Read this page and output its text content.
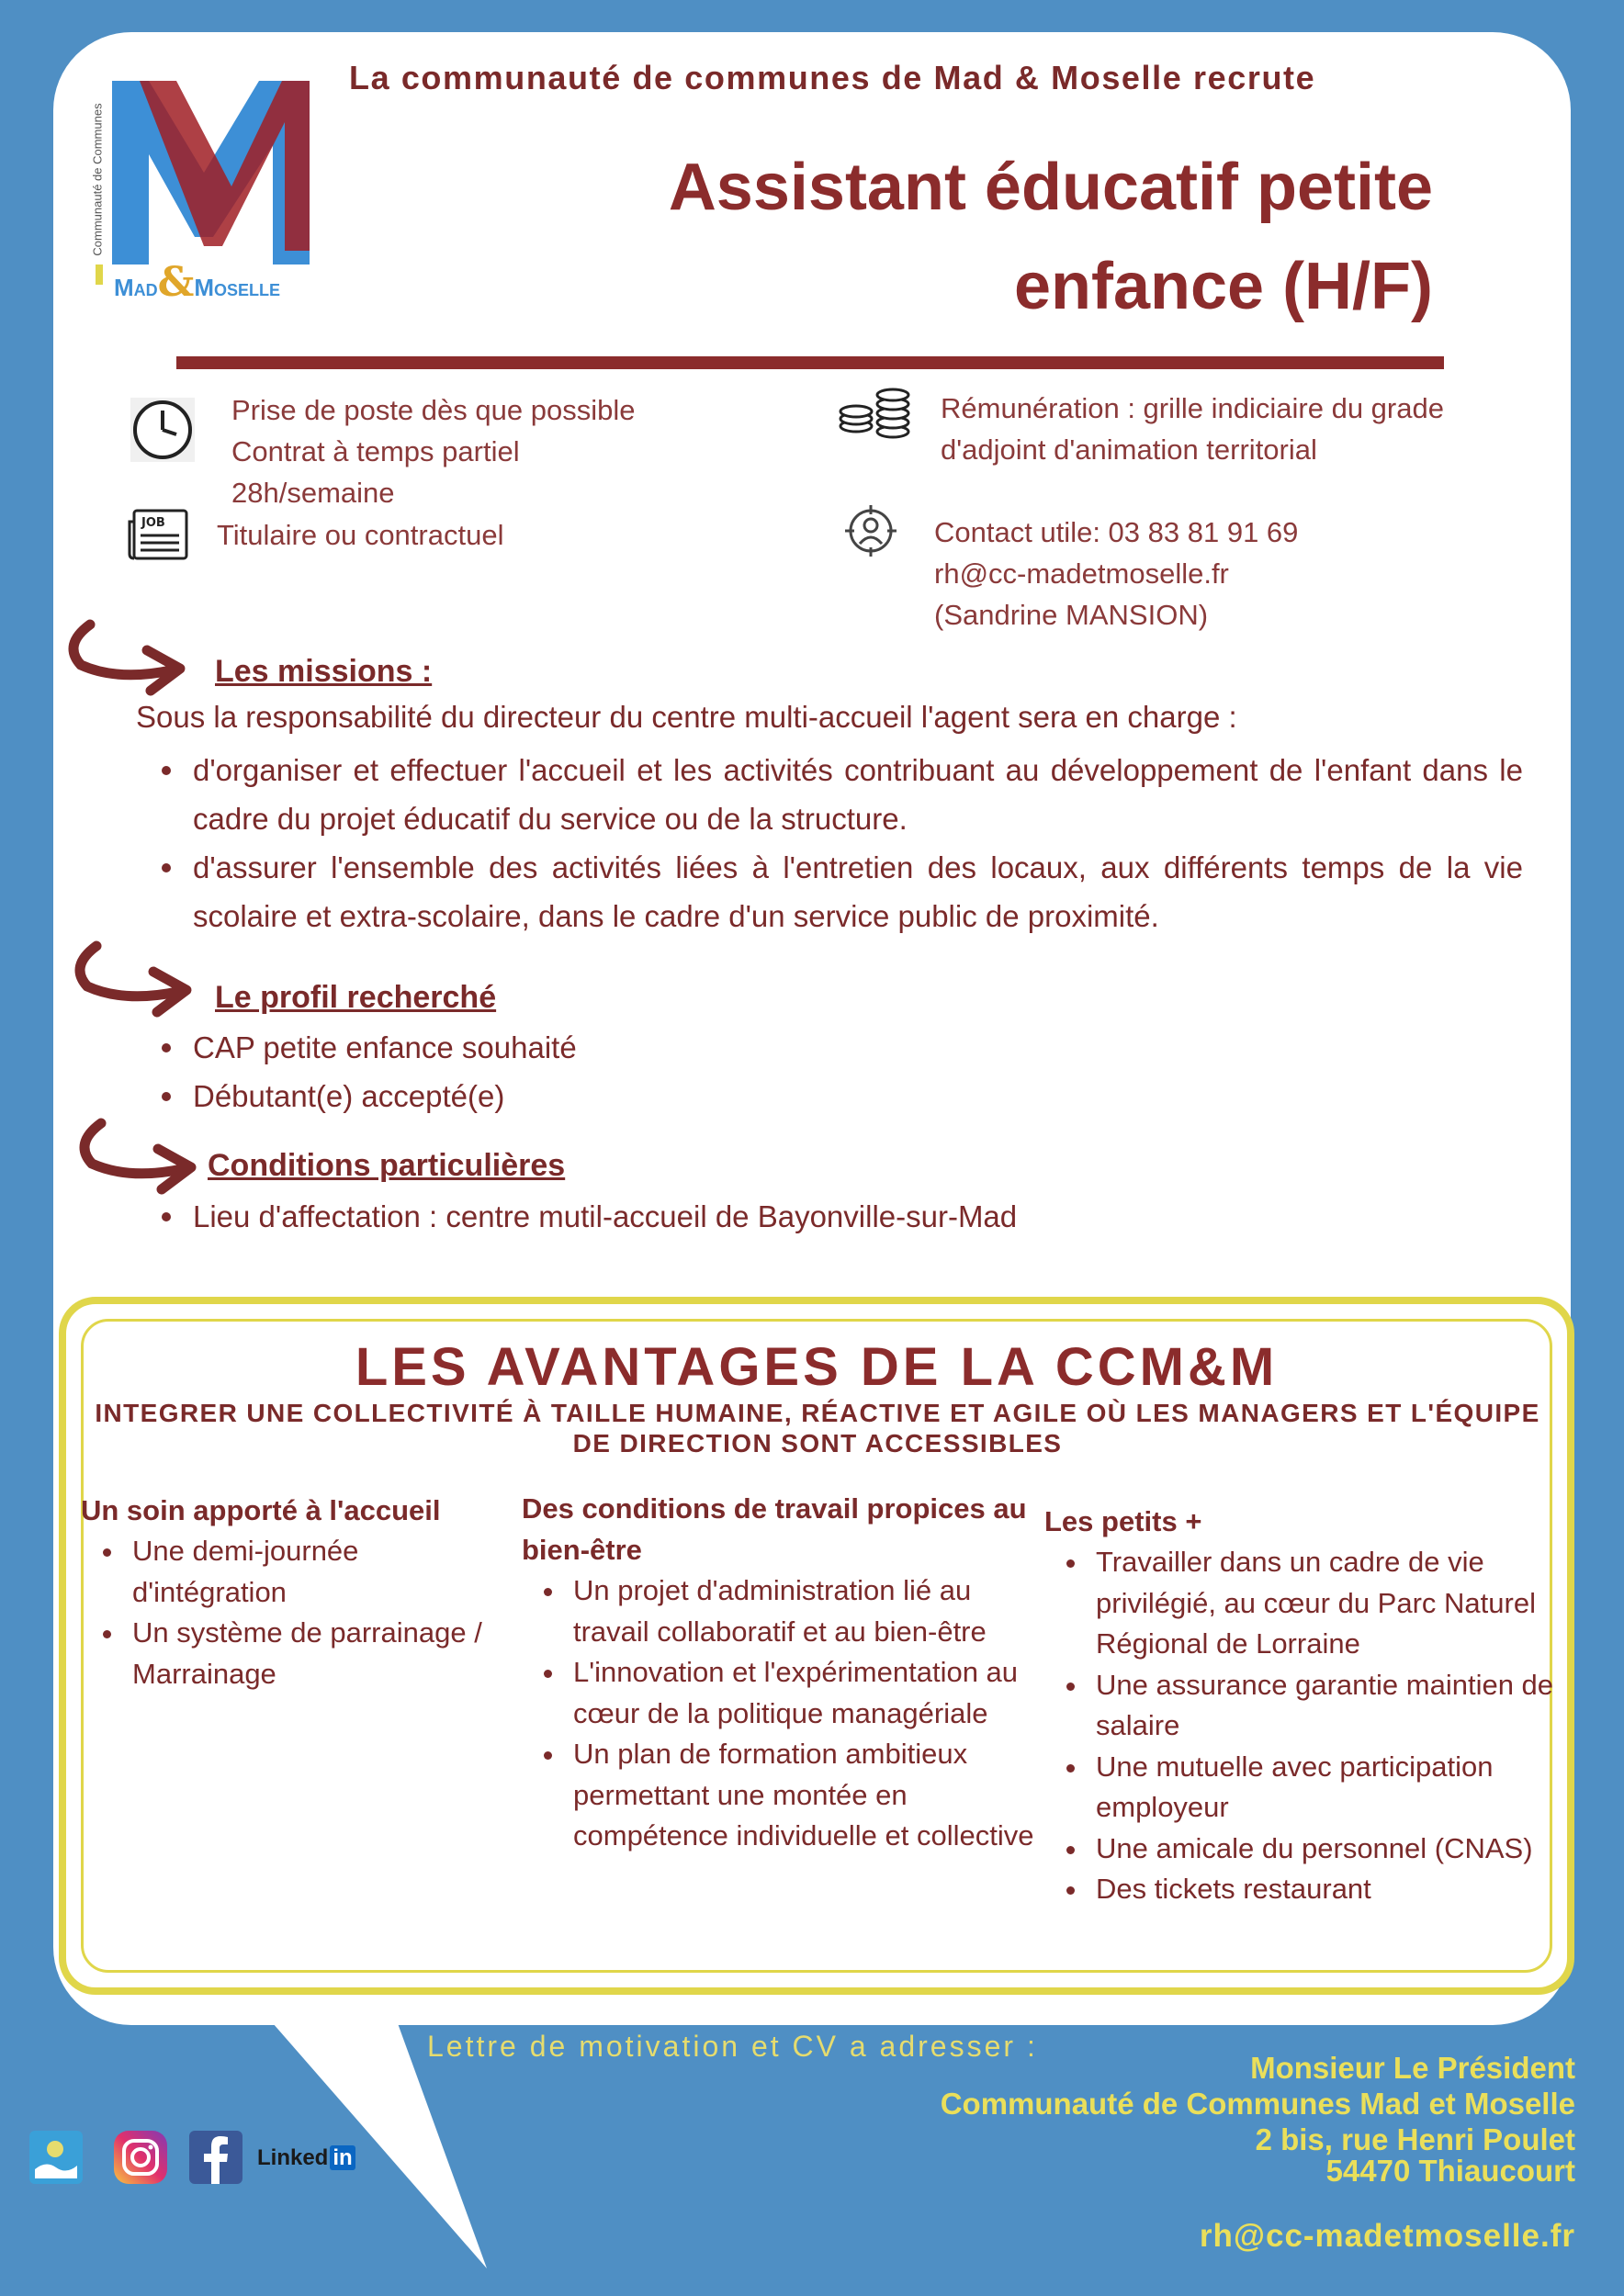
Communauté de Communes
Mad&Moselle
La communauté de communes de Mad & Moselle recrute
Assistant éducatif petite
enfance (H/F)
JOB
Prise de poste dès que possible
Contrat à temps partiel
28h/semaine
Titulaire ou contractuel
Rémunération : grille indiciaire du grade
d'adjoint d'animation territorial
Contact utile: 03 83 81 91 69
rh@cc-madetmoselle.fr
(Sandrine MANSION)
Les missions :
Sous la responsabilité du directeur du centre multi-accueil l'agent sera en charge :
d'organiser et effectuer l'accueil et les activités contribuant au développement de l'enfant dans le cadre du projet éducatif du service ou de la structure.
d'assurer l'ensemble des activités liées à l'entretien des locaux, aux différents temps de la vie scolaire et extra-scolaire, dans le cadre d'un service public de proximité.
Le profil recherché
CAP petite enfance souhaité
Débutant(e) accepté(e)
Conditions particulières
Lieu d'affectation : centre mutil-accueil de Bayonville-sur-Mad
LES AVANTAGES DE LA CCM&M
INTEGRER UNE COLLECTIVITÉ À TAILLE HUMAINE, RÉACTIVE ET AGILE OÙ LES MANAGERS ET L'ÉQUIPE DE DIRECTION SONT ACCESSIBLES
Un soin apporté à l'accueil
Une demi-journée d'intégration
Un système de parrainage / Marrainage
Des conditions de travail propices au bien-être
Un projet d'administration lié au travail collaboratif et au bien-être
L'innovation et l'expérimentation au cœur de la politique managériale
Un plan de formation ambitieux permettant une montée en compétence individuelle et collective
Les petits +
Travailler dans un cadre de vie privilégié, au cœur du Parc Naturel Régional de Lorraine
Une assurance garantie maintien de salaire
Une mutuelle avec participation employeur
Une amicale du personnel (CNAS)
Des tickets restaurant
Lettre de motivation et CV a adresser :
Monsieur Le Président
Communauté de Communes Mad et Moselle
2 bis, rue Henri Poulet
54470 Thiaucourt
rh@cc-madetmoselle.fr
Linked in
